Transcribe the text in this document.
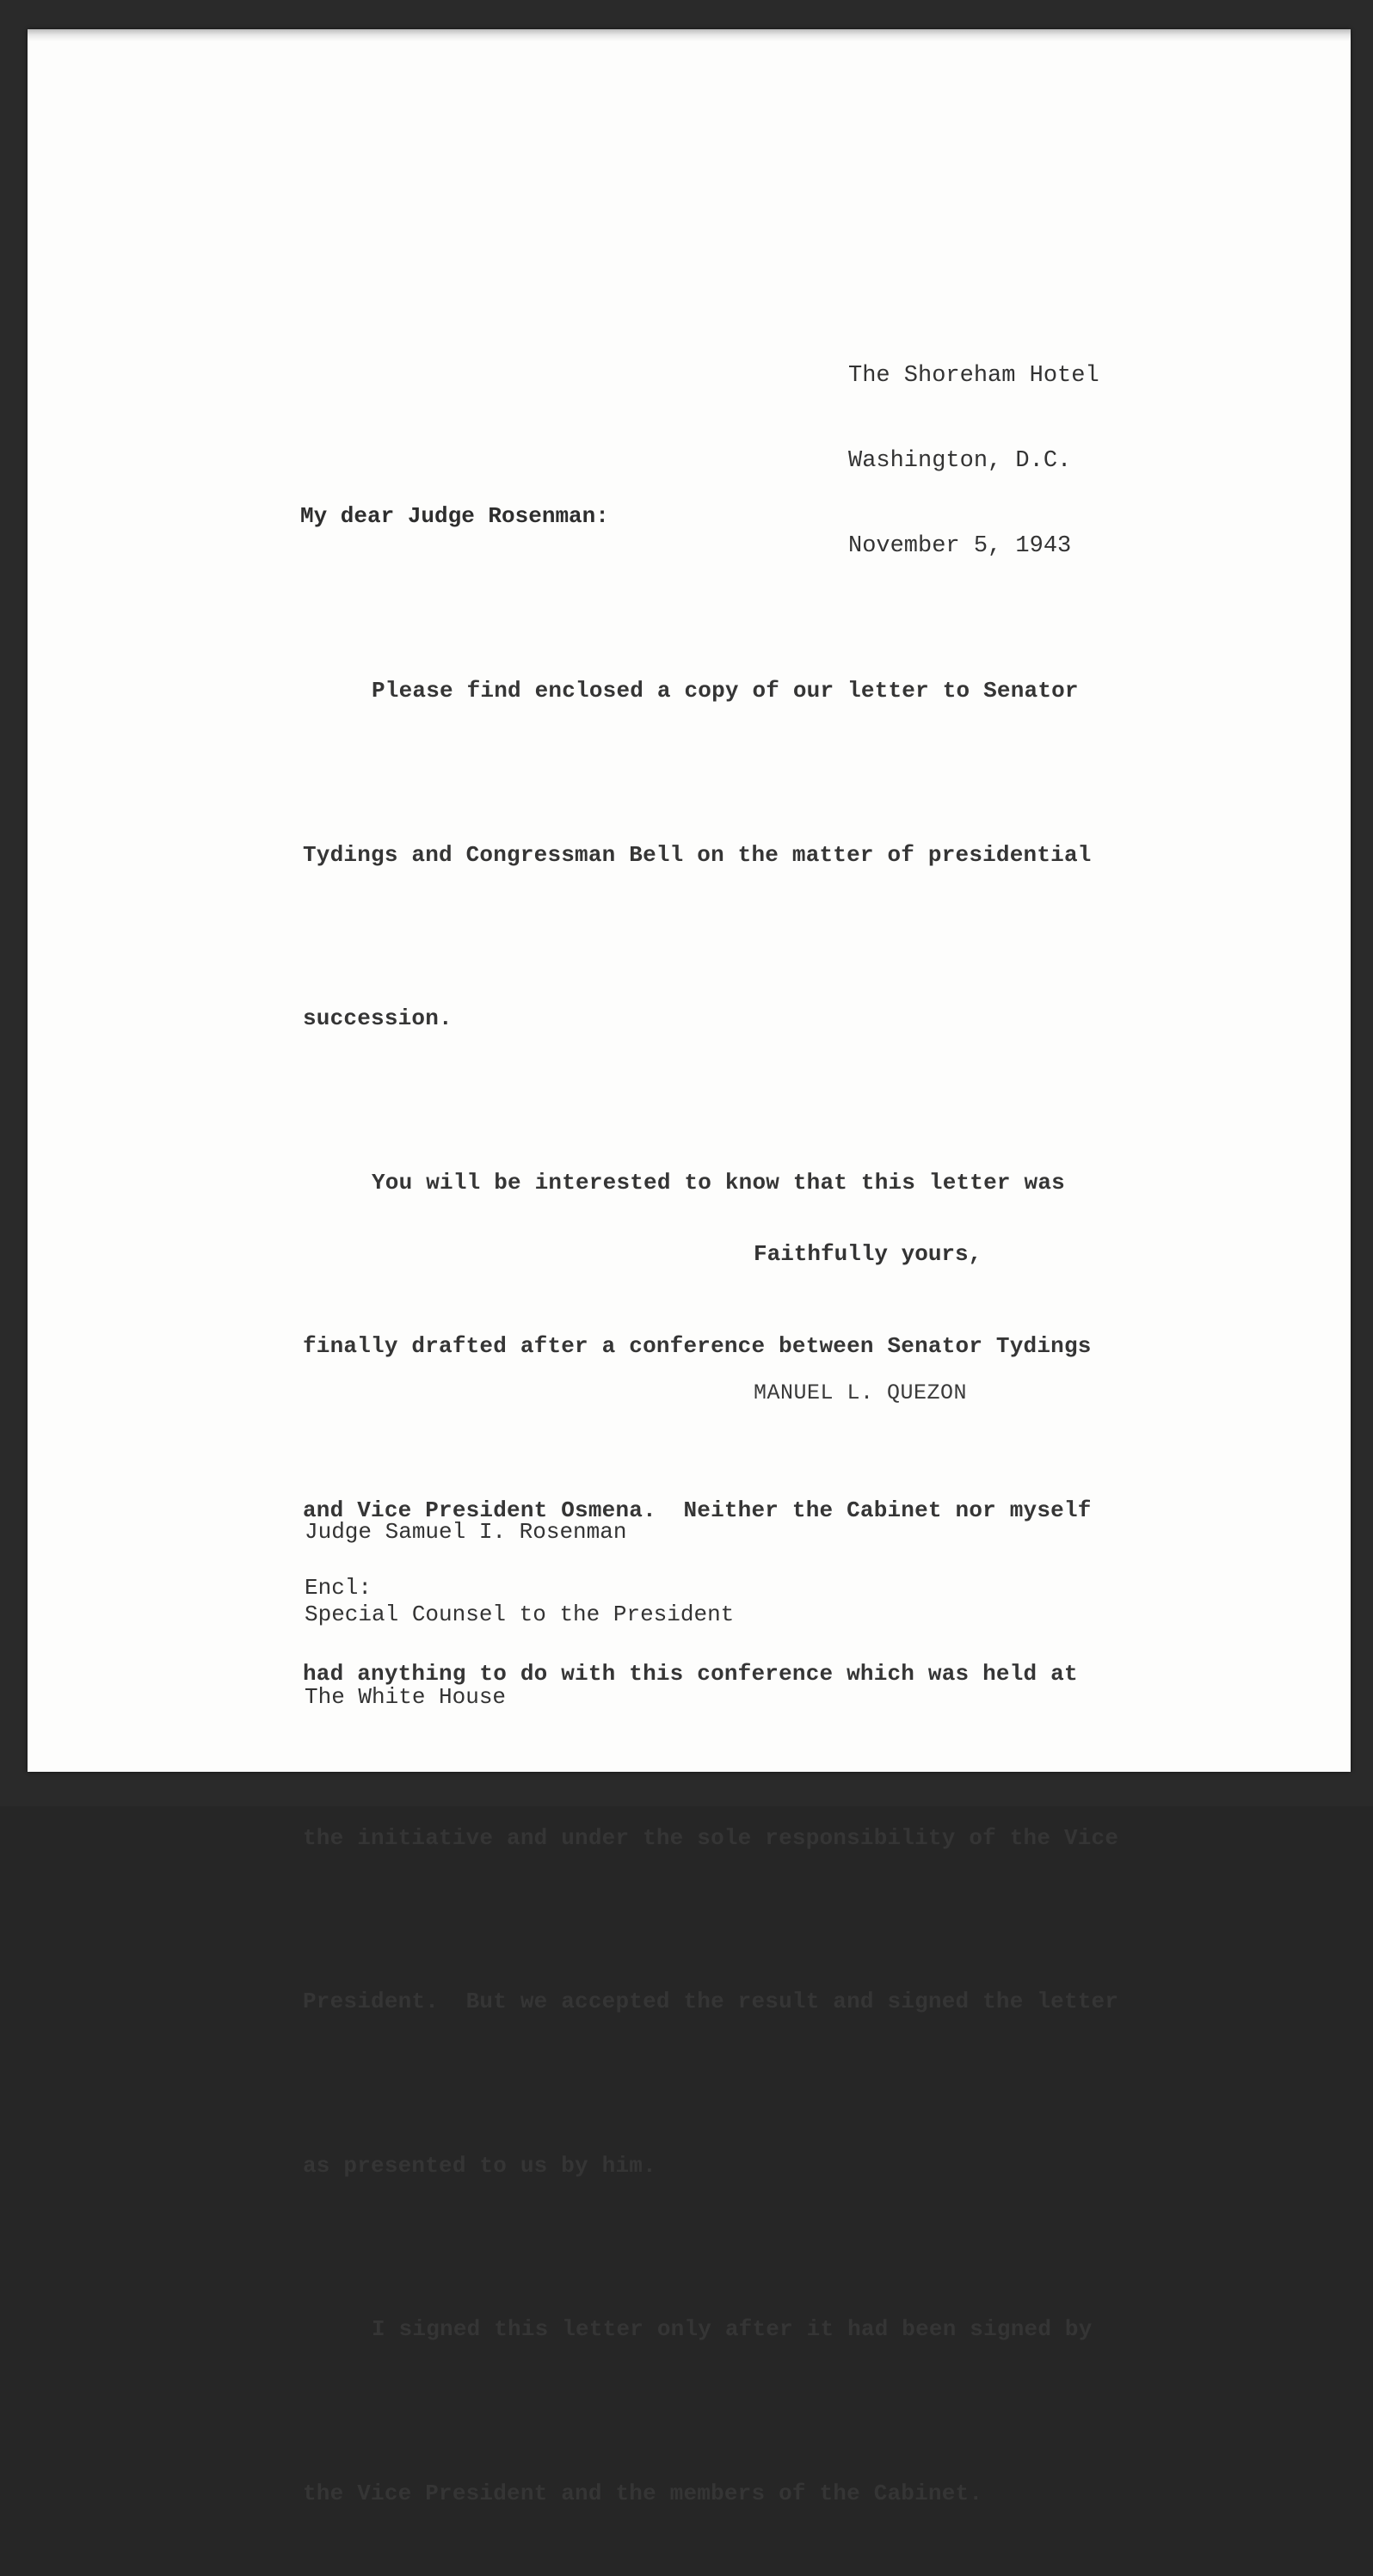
The Shoreham Hotel

Washington, D.C.

November 5, 1943

My dear Judge Rosenman:

Please find enclosed a copy of our letter to Senator

Tydings and Congressman Bell on the matter of presidential

succession.

You will be interested to know that this letter was

finally drafted after a conference between Senator Tydings

and Vice President Osmena.  Neither the Cabinet nor myself

had anything to do with this conference which was held at

the initiative and under the sole responsibility of the Vice

President.  But we accepted the result and signed the letter

as presented to us by him.

I signed this letter only after it had been signed by

the Vice President and the members of the Cabinet.

Faithfully yours,
MANUEL L. QUEZON

Judge Samuel I. Rosenman

Special Counsel to the President

The White House

Encl:
